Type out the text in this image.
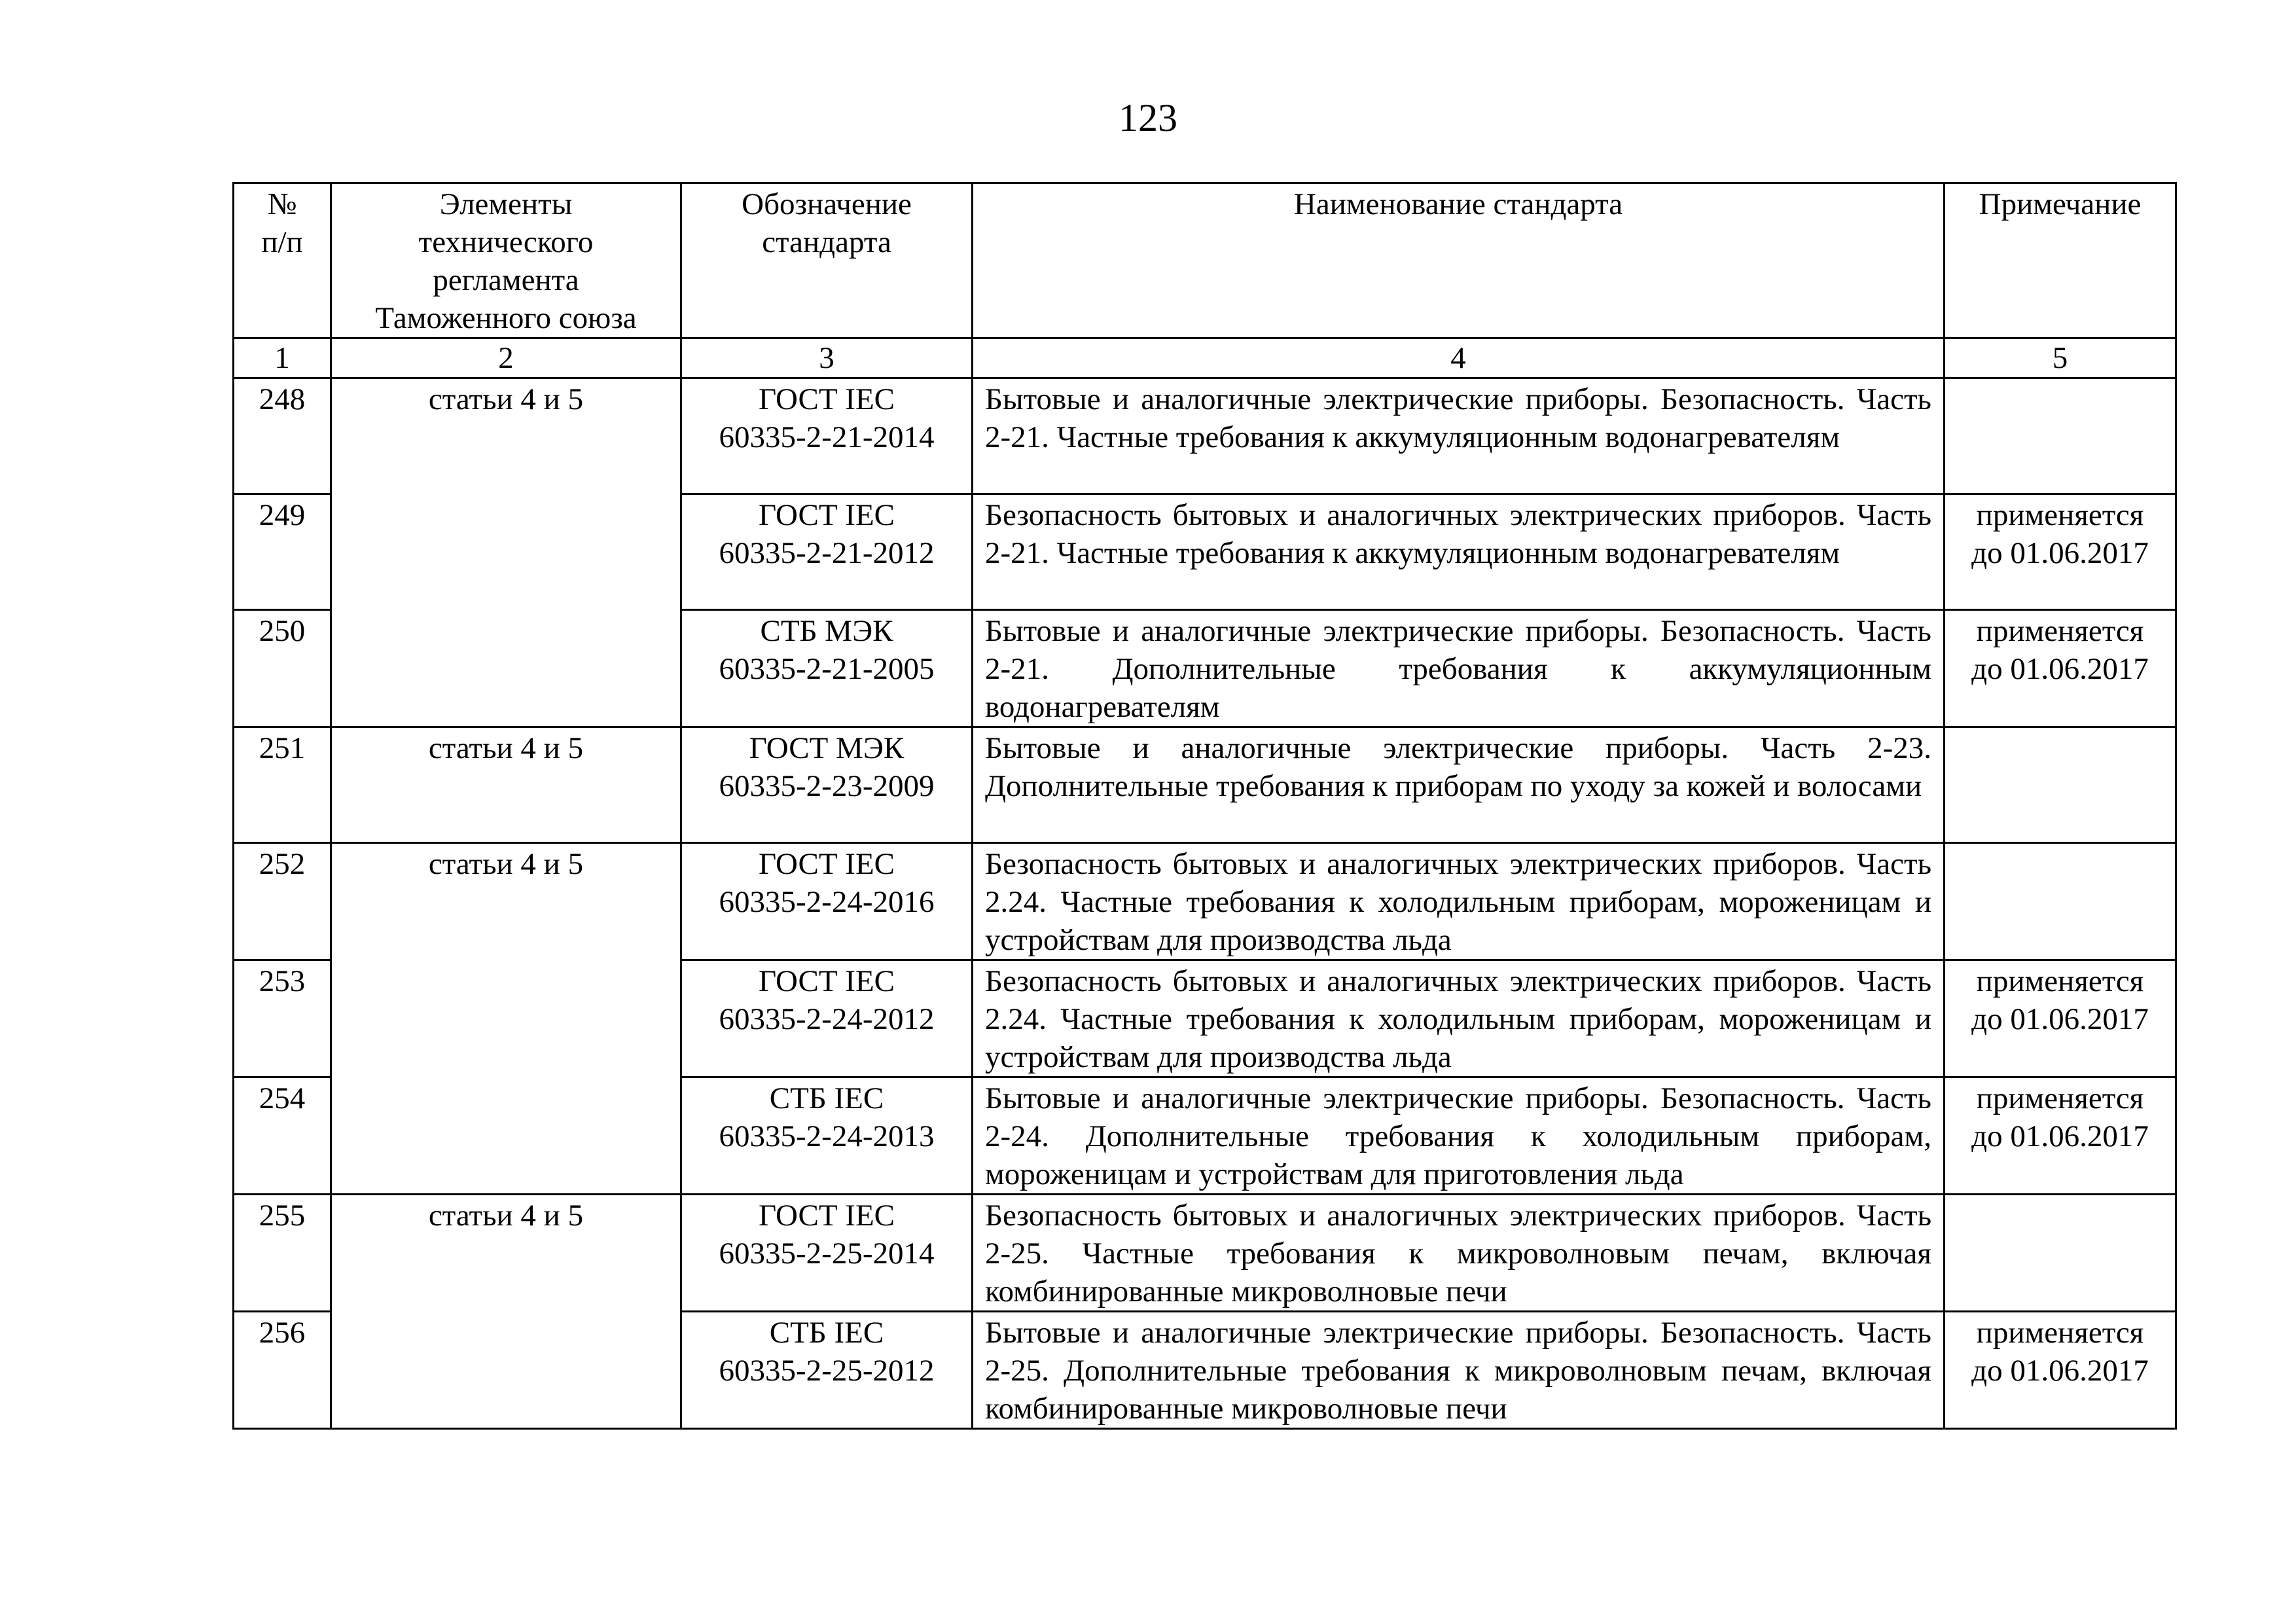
123
№
п/п	Элементы
технического
регламента
Таможенного союза	Обозначение
стандарта	Наименование стандарта	Примечание

1	2	3	4	5
248	статьи 4 и 5	ГОСТ IEC
60335-2-21-2014	Бытовые и аналогичные электрические приборы. Безопасность. Часть 2-21. Частные требования к аккумуляционным водонагревателям	

249		ГОСТ IEC
60335-2-21-2012	Безопасность бытовых и аналогичных электрических приборов. Часть 2-21. Частные требования к аккумуляционным водонагревателям	применяется
до 01.06.2017

250		СТБ МЭК
60335-2-21-2005	Бытовые и аналогичные электрические приборы. Безопасность. Часть 2-21. Дополнительные требования к аккумуляционным водонагревателям	применяется
до 01.06.2017

251	статьи 4 и 5	ГОСТ МЭК
60335-2-23-2009	Бытовые и аналогичные электрические приборы. Часть 2-23. Дополнительные требования к приборам по уходу за кожей и волосами	

252	статьи 4 и 5	ГОСТ IEC
60335-2-24-2016	Безопасность бытовых и аналогичных электрических приборов. Часть 2.24. Частные требования к холодильным приборам, мороженицам и устройствам для производства льда	

253		ГОСТ IEC
60335-2-24-2012	Безопасность бытовых и аналогичных электрических приборов. Часть 2.24. Частные требования к холодильным приборам, мороженицам и устройствам для производства льда	применяется
до 01.06.2017

254		СТБ IEC
60335-2-24-2013	Бытовые и аналогичные электрические приборы. Безопасность. Часть 2-24. Дополнительные требования к холодильным приборам, мороженицам и устройствам для приготовления льда	применяется
до 01.06.2017

255	статьи 4 и 5	ГОСТ IEC
60335-2-25-2014	Безопасность бытовых и аналогичных электрических приборов. Часть 2-25. Частные требования к микроволновым печам, включая комбинированные микроволновые печи	

256		СТБ IEC
60335-2-25-2012	Бытовые и аналогичные электрические приборы. Безопасность. Часть 2-25. Дополнительные требования к микроволновым печам, включая комбинированные микроволновые печи	применяется
до 01.06.2017
